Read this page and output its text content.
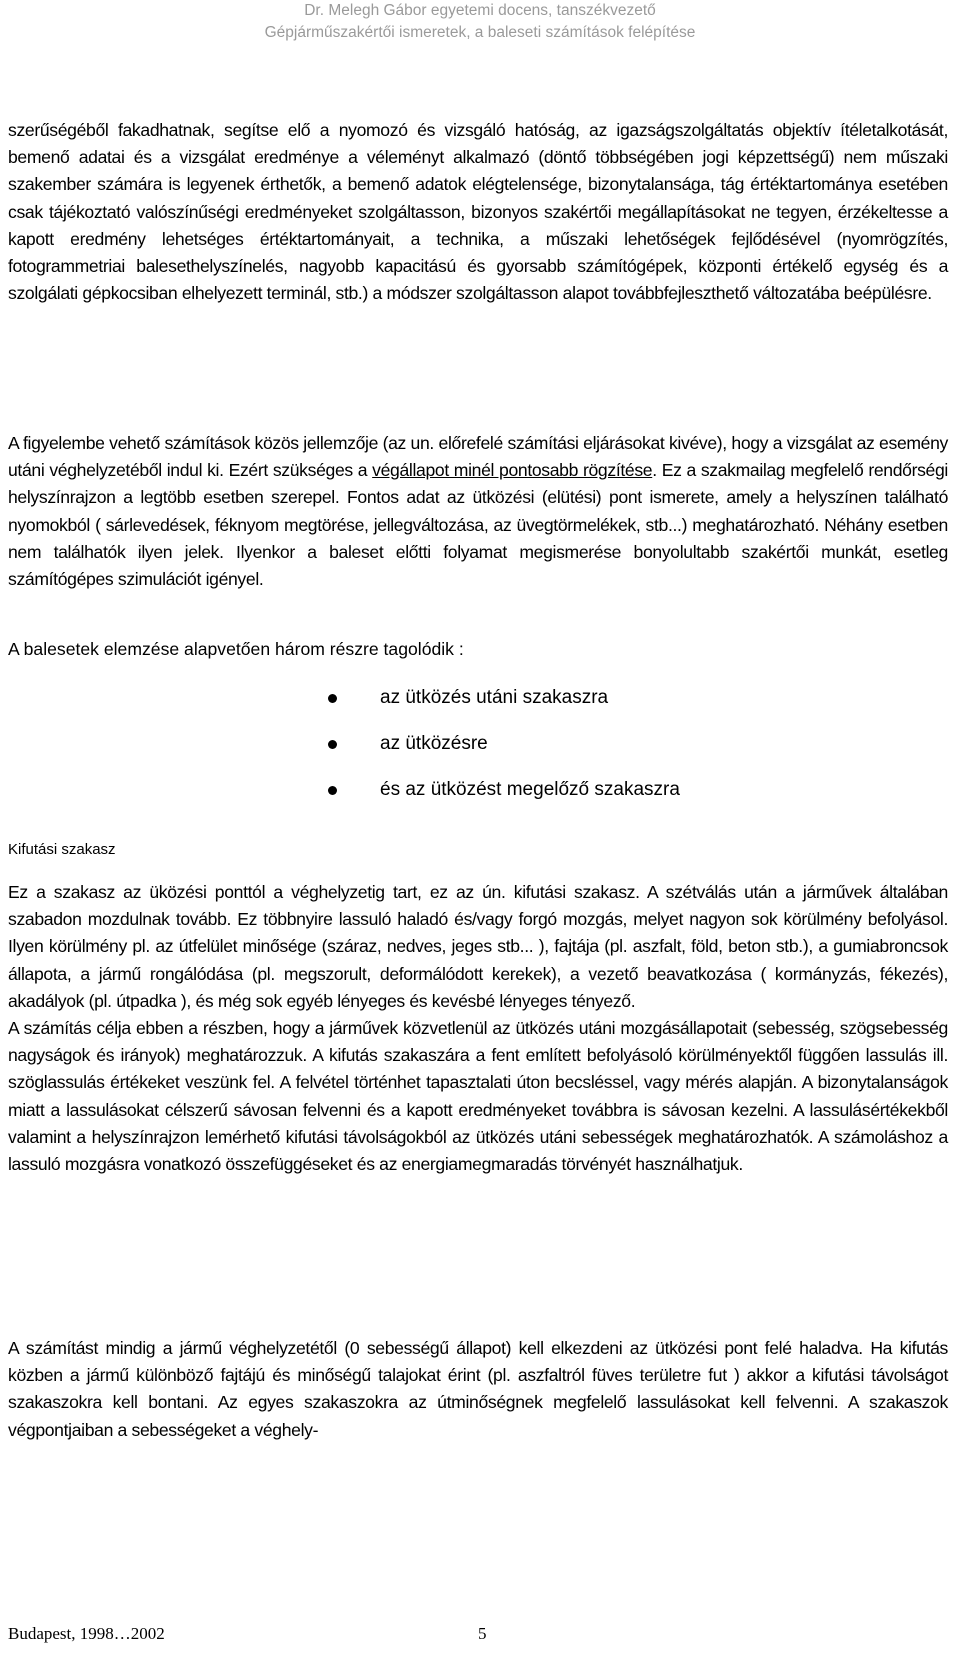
Dr. Melegh Gábor egyetemi docens, tanszékvezető
Gépjárműszakértői ismeretek, a baleseti számítások felépítése

szerűségéből fakadhatnak, segítse elő a nyomozó és vizsgáló hatóság, az igazságszolgáltatás objektív ítéletalkotását, bemenő adatai és a vizsgálat eredménye a véleményt alkalmazó (döntő többségében jogi képzettségű) nem műszaki szakember számára is legyenek érthetők, a bemenő adatok elégtelensége, bizonytalansága, tág értéktartománya esetében csak tájékoztató valószínűségi eredményeket szolgáltasson, bizonyos szakértői megállapításokat ne tegyen, érzékeltesse a kapott eredmény lehetséges értéktartományait, a technika, a műszaki lehetőségek fejlődésével (nyomrögzítés, fotogrammetriai balesethelyszínelés, nagyobb kapacitású és gyorsabb számítógépek, központi értékelő egység és a szolgálati gépkocsiban elhelyezett terminál, stb.) a módszer szolgáltasson alapot továbbfejleszthető változatába beépülésre.

A figyelembe vehető számítások közös jellemzője (az un. előrefelé számítási eljárásokat kivéve), hogy a vizsgálat az esemény utáni véghelyzetéből indul ki. Ezért szükséges a végállapot minél pontosabb rögzítése. Ez a szakmailag megfelelő rendőrségi helyszínrajzon a legtöbb esetben szerepel. Fontos adat az ütközési (elütési) pont ismerete, amely a helyszínen található nyomokból ( sárlevedések, féknyom megtörése, jellegváltozása, az üvegtörmelékek, stb...) meghatározható. Néhány esetben nem találhatók ilyen jelek. Ilyenkor a baleset előtti folyamat megismerése bonyolultabb szakértői munkát, esetleg számítógépes szimulációt igényel.

A balesetek elemzése alapvetően három részre tagolódik :

az ütközés utáni szakaszra
az ütközésre
és az ütközést megelőző szakaszra
Kifutási szakasz

Ez a szakasz az üközési ponttól a véghelyzetig tart, ez az ún. kifutási szakasz. A szétválás után a járművek általában szabadon mozdulnak tovább. Ez többnyire lassuló haladó és/vagy forgó mozgás, melyet nagyon sok körülmény befolyásol. Ilyen körülmény pl. az útfelület minősége (száraz, nedves, jeges stb... ), fajtája (pl. aszfalt, föld, beton stb.), a gumiabroncsok állapota, a jármű rongálódása (pl. megszorult, deformálódott kerekek), a vezető beavatkozása ( kormányzás, fékezés), akadályok (pl. útpadka ), és még sok egyéb lényeges és kevésbé lényeges tényező.

A számítás célja ebben a részben, hogy a járművek közvetlenül az ütközés utáni mozgásállapotait (sebesség, szögsebesség nagyságok és irányok) meghatározzuk. A kifutás szakaszára a fent említett befolyásoló körülményektől függően lassulás ill. szöglassulás értékeket veszünk fel. A felvétel történhet tapasztalati úton becsléssel, vagy mérés alapján. A bizonytalanságok miatt a lassulásokat célszerű sávosan felvenni és a kapott eredményeket továbbra is sávosan kezelni. A lassulásértékekből valamint a helyszínrajzon lemérhető kifutási távolságokból az ütközés utáni sebességek meghatározhatók. A számoláshoz a lassuló mozgásra vonatkozó összefüggéseket és az energiamegmaradás törvényét használhatjuk.

A számítást mindig a jármű véghelyzetétől (0 sebességű állapot) kell elkezdeni az ütközési pont felé haladva. Ha kifutás közben a jármű különböző fajtájú és minőségű talajokat érint (pl. aszfaltról füves területre fut ) akkor a kifutási távolságot szakaszokra kell bontani. Az egyes szakaszokra az útminőségnek megfelelő lassulásokat kell felvenni. A szakaszok végpontjaiban a sebességeket a véghely-

Budapest, 1998…2002	5
